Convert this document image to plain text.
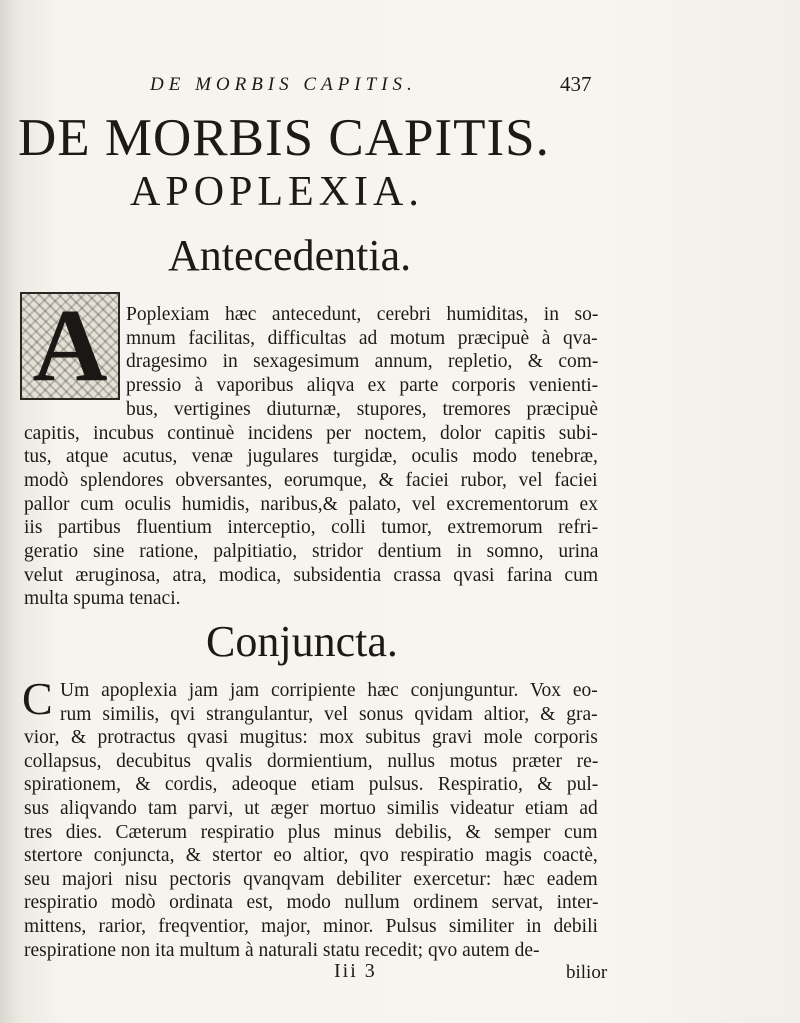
DE MORBIS CAPITIS.	437
DE MORBIS CAPITIS.
APOPLEXIA.
Antecedentia.
A Poplexiam hæc antecedunt, cerebri humiditas, in so-
mnum facilitas, difficultas ad motum præcipuè à qva-
dragesimo in sexagesimum annum, repletio, & com-
pressio à vaporibus aliqva ex parte corporis venienti-
bus, vertigines diuturnæ, stupores, tremores præcipuè
capitis, incubus continuè incidens per noctem, dolor capitis subi-
tus, atque acutus, venæ jugulares turgidæ, oculis modo tenebræ,
modò splendores obversantes, eorumque, & faciei rubor, vel faciei
pallor cum oculis humidis, naribus,& palato, vel excrementorum ex
iis partibus fluentium interceptio, colli tumor, extremorum refri-
geratio sine ratione, palpitiatio, stridor dentium in somno, urina
velut æruginosa, atra, modica, subsidentia crassa qvasi farina cum
multa spuma tenaci.
Conjuncta.
C Um apoplexia jam jam corripiente hæc conjunguntur. Vox eo-
rum similis, qvi strangulantur, vel sonus qvidam altior, & gra-
vior, & protractus qvasi mugitus: mox subitus gravi mole corporis
collapsus, decubitus qvalis dormientium, nullus motus præter re-
spirationem, & cordis, adeoque etiam pulsus. Respiratio, & pul-
sus aliqvando tam parvi, ut æger mortuo similis videatur etiam ad
tres dies. Cæterum respiratio plus minus debilis, & semper cum
stertore conjuncta, & stertor eo altior, qvo respiratio magis coactè,
seu majori nisu pectoris qvanqvam debiliter exercetur: hæc eadem
respiratio modò ordinata est, modo nullum ordinem servat, inter-
mittens, rarior, freqventior, major, minor. Pulsus similiter in debili
respiratione non ita multum à naturali statu recedit; qvo autem de-
Iii 3	bilior
